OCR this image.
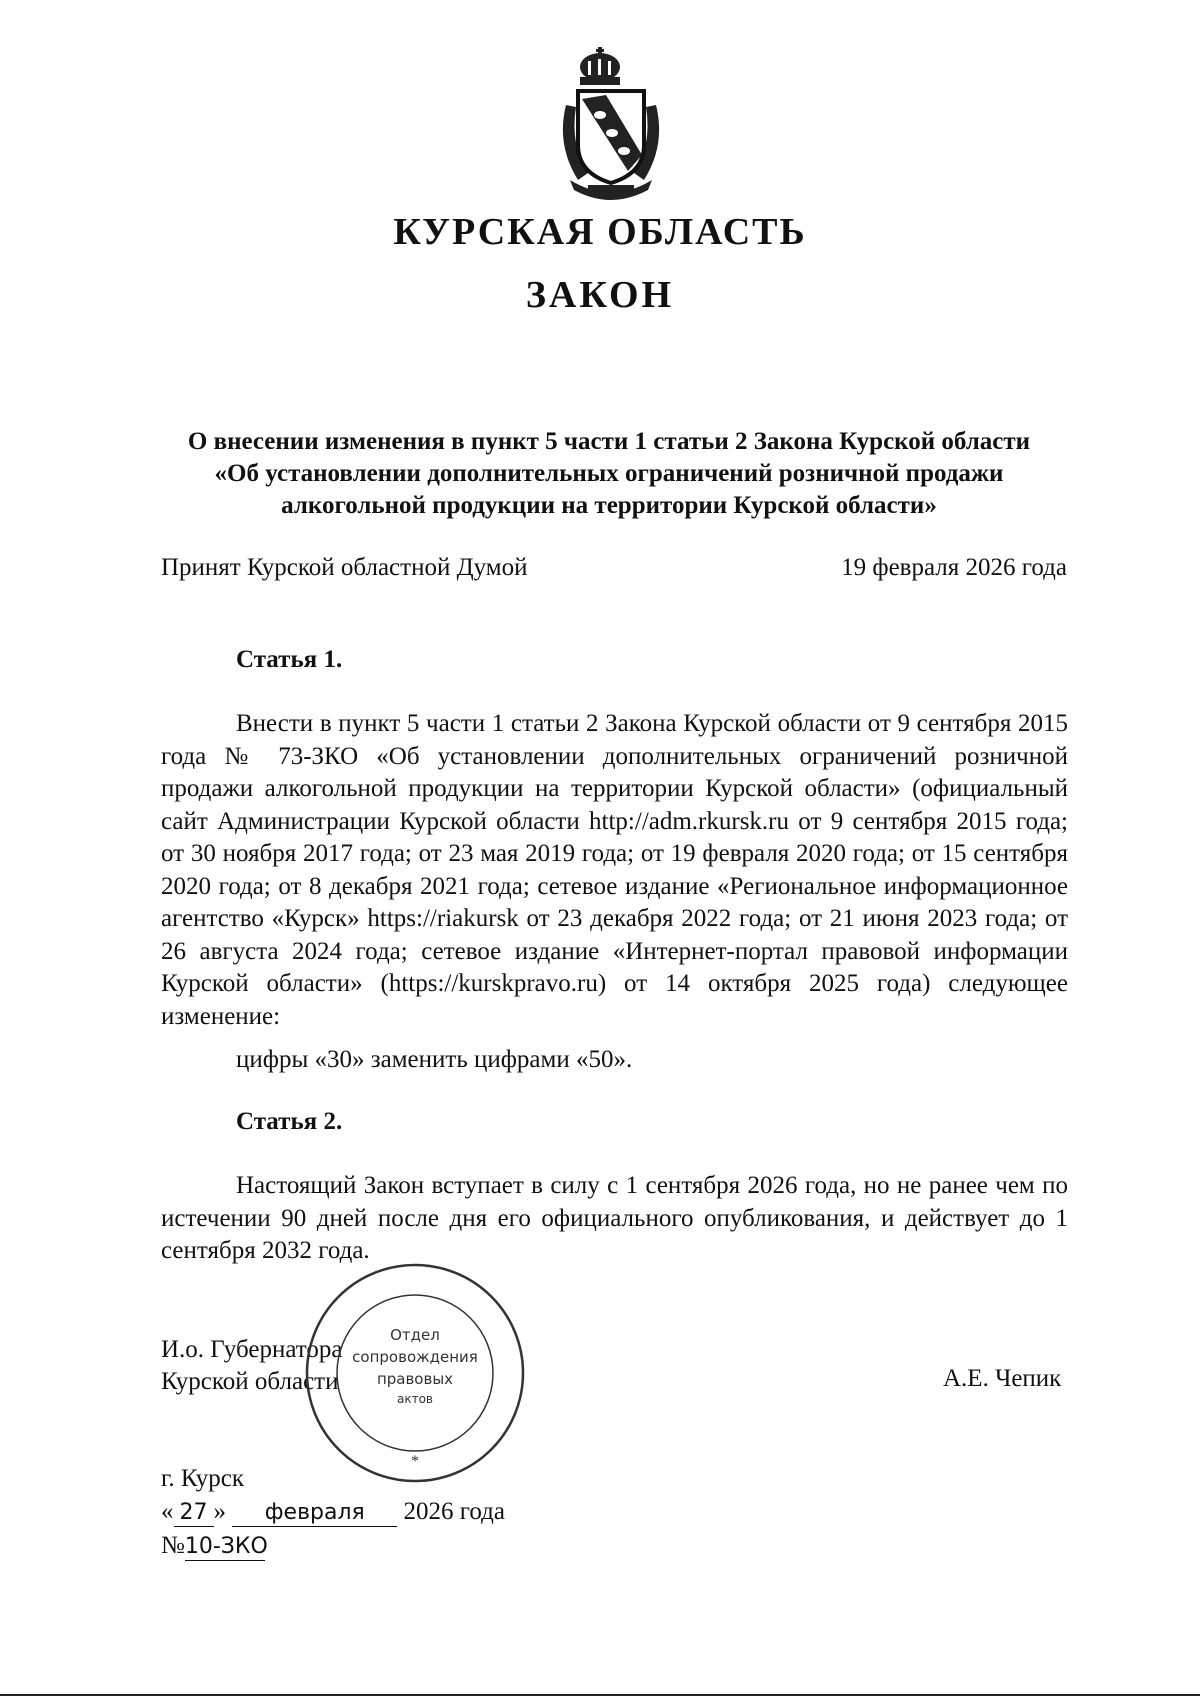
КУРСКАЯ ОБЛАСТЬ
ЗАКОН
О внесении изменения в пункт 5 части 1 статьи 2 Закона Курской области
«Об установлении дополнительных ограничений розничной продажи
алкогольной продукции на территории Курской области»
Принят Курской областной Думой	19 февраля 2026 года
Статья 1.

Внести в пункт 5 части 1 статьи 2 Закона Курской области от 9 сентября 2015 года № 73-ЗКО «Об установлении дополнительных ограничений розничной продажи алкогольной продукции на территории Курской области» (официальный сайт Администрации Курской области http://adm.rkursk.ru от 9 сентября 2015 года; от 30 ноября 2017 года; от 23 мая 2019 года; от 19 февраля 2020 года; от 15 сентября 2020 года; от 8 декабря 2021 года; сетевое издание «Региональное информационное агентство «Курск» https://riakursk от 23 декабря 2022 года; от 21 июня 2023 года; от 26 августа 2024 года; сетевое издание «Интернет-портал правовой информации Курской области» (https://kurskpravo.ru) от 14 октября 2025 года) следующее изменение:

цифры «30» заменить цифрами «50».
Статья 2.

Настоящий Закон вступает в силу с 1 сентября 2026 года, но не ранее чем по истечении 90 дней после дня его официального опубликования, и действует до 1 сентября 2032 года.

И.о. Губернатора
Курской области	А.Е. Чепик
*
Отдел
сопровождения
правовых
актов
г. Курск
« 27 » февраля 2026 года
№10-ЗКО
